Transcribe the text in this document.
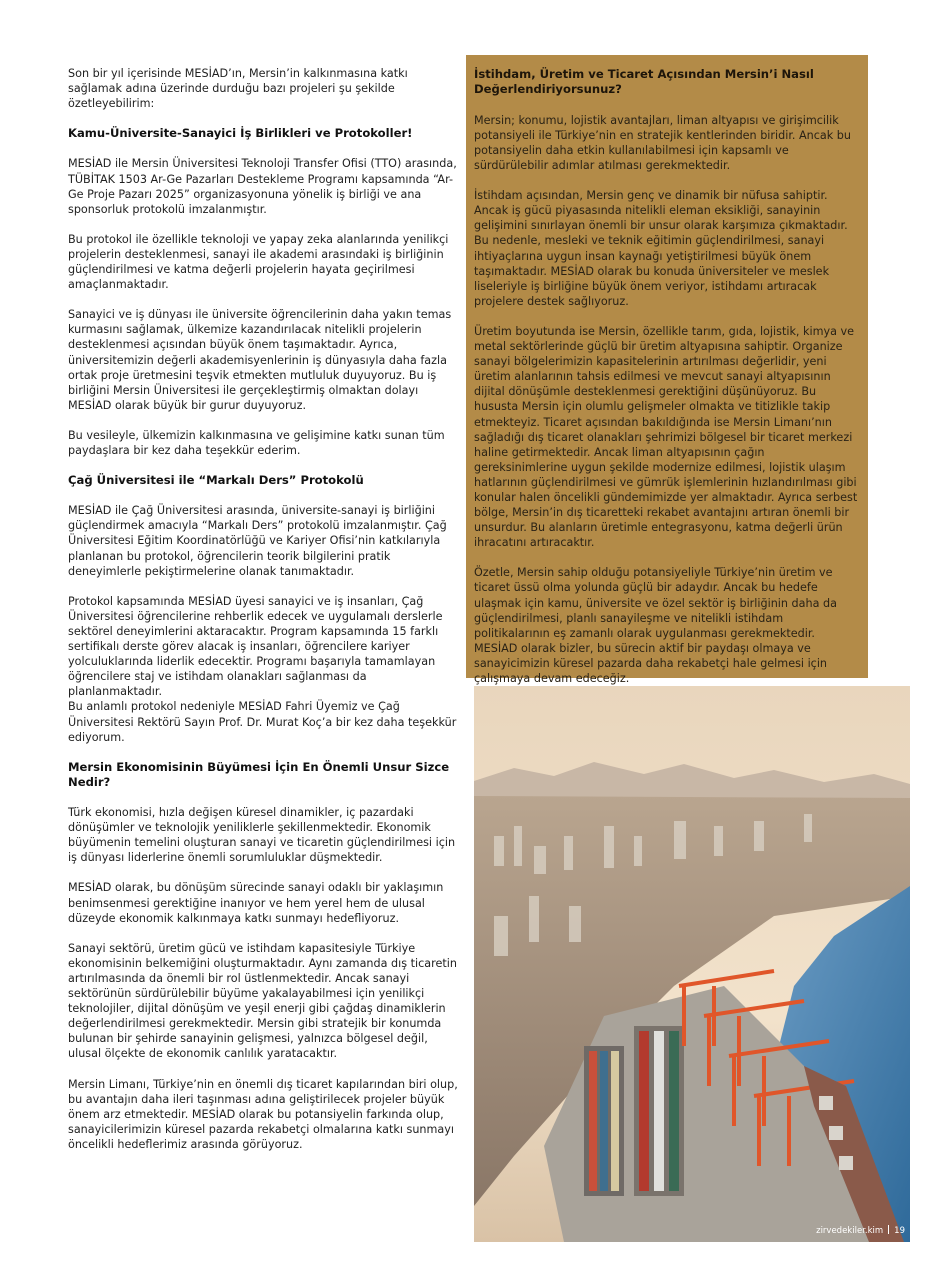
Son bir yıl içerisinde MESİAD’ın, Mersin’in kalkınmasına katkı sağlamak adına üzerinde durduğu bazı projeleri şu şekilde özetleyebilirim:

Kamu-Üniversite-Sanayici İş Birlikleri ve Protokoller!

MESİAD ile Mersin Üniversitesi Teknoloji Transfer Ofisi (TTO) arasında, TÜBİTAK 1503 Ar-Ge Pazarları Destekleme Programı kapsamında “Ar-Ge Proje Pazarı 2025” organizasyonuna yönelik iş birliği ve ana sponsorluk protokolü imzalanmıştır.

Bu protokol ile özellikle teknoloji ve yapay zeka alanlarında yenilikçi projelerin desteklenmesi, sanayi ile akademi arasındaki iş birliğinin güçlendirilmesi ve katma değerli projelerin hayata geçirilmesi amaçlanmaktadır.

Sanayici ve iş dünyası ile üniversite öğrencilerinin daha yakın temas kurmasını sağlamak, ülkemize kazandırılacak nitelikli projelerin desteklenmesi açısından büyük önem taşımaktadır. Ayrıca, üniversitemizin değerli akademisyenlerinin iş dünyasıyla daha fazla ortak proje üretmesini teşvik etmekten mutluluk duyuyoruz. Bu iş birliğini Mersin Üniversitesi ile gerçekleştirmiş olmaktan dolayı MESİAD olarak büyük bir gurur duyuyoruz.

Bu vesileyle, ülkemizin kalkınmasına ve gelişimine katkı sunan tüm paydaşlara bir kez daha teşekkür ederim.

Çağ Üniversitesi ile “Markalı Ders” Protokolü

MESİAD ile Çağ Üniversitesi arasında, üniversite-sanayi iş birliğini güçlendirmek amacıyla “Markalı Ders” protokolü imzalanmıştır. Çağ Üniversitesi Eğitim Koordinatörlüğü ve Kariyer Ofisi’nin katkılarıyla planlanan bu protokol, öğrencilerin teorik bilgilerini pratik deneyimlerle pekiştirmelerine olanak tanımaktadır.

Protokol kapsamında MESİAD üyesi sanayici ve iş insanları, Çağ Üniversitesi öğrencilerine rehberlik edecek ve uygulamalı derslerle sektörel deneyimlerini aktaracaktır. Program kapsamında 15 farklı sertifikalı derste görev alacak iş insanları, öğrencilere kariyer yolculuklarında liderlik edecektir. Programı başarıyla tamamlayan öğrencilere staj ve istihdam olanakları sağlanması da planlanmaktadır.

Bu anlamlı protokol nedeniyle MESİAD Fahri Üyemiz ve Çağ Üniversitesi Rektörü Sayın Prof. Dr. Murat Koç’a bir kez daha teşekkür ediyorum.

Mersin Ekonomisinin Büyümesi İçin En Önemli Unsur Sizce Nedir?

Türk ekonomisi, hızla değişen küresel dinamikler, iç pazardaki dönüşümler ve teknolojik yeniliklerle şekillenmektedir. Ekonomik büyümenin temelini oluşturan sanayi ve ticaretin güçlendirilmesi için iş dünyası liderlerine önemli sorumluluklar düşmektedir.

MESİAD olarak, bu dönüşüm sürecinde sanayi odaklı bir yaklaşımın benimsenmesi gerektiğine inanıyor ve hem yerel hem de ulusal düzeyde ekonomik kalkınmaya katkı sunmayı hedefliyoruz.

Sanayi sektörü, üretim gücü ve istihdam kapasitesiyle Türkiye ekonomisinin belkemiğini oluşturmaktadır. Aynı zamanda dış ticaretin artırılmasında da önemli bir rol üstlenmektedir. Ancak sanayi sektörünün sürdürülebilir büyüme yakalayabilmesi için yenilikçi teknolojiler, dijital dönüşüm ve yeşil enerji gibi çağdaş dinamiklerin değerlendirilmesi gerekmektedir. Mersin gibi stratejik bir konumda bulunan bir şehirde sanayinin gelişmesi, yalnızca bölgesel değil, ulusal ölçekte de ekonomik canlılık yaratacaktır.

Mersin Limanı, Türkiye’nin en önemli dış ticaret kapılarından biri olup, bu avantajın daha ileri taşınması adına geliştirilecek projeler büyük önem arz etmektedir. MESİAD olarak bu potansiyelin farkında olup, sanayicilerimizin küresel pazarda rekabetçi olmalarına katkı sunmayı öncelikli hedeflerimiz arasında görüyoruz.

İstihdam, Üretim ve Ticaret Açısından Mersin’i Nasıl Değerlendiriyorsunuz?

Mersin; konumu, lojistik avantajları, liman altyapısı ve girişimcilik potansiyeli ile Türkiye’nin en stratejik kentlerinden biridir. Ancak bu potansiyelin daha etkin kullanılabilmesi için kapsamlı ve sürdürülebilir adımlar atılması gerekmektedir.

İstihdam açısından, Mersin genç ve dinamik bir nüfusa sahiptir. Ancak iş gücü piyasasında nitelikli eleman eksikliği, sanayinin gelişimini sınırlayan önemli bir unsur olarak karşımıza çıkmaktadır. Bu nedenle, mesleki ve teknik eğitimin güçlendirilmesi, sanayi ihtiyaçlarına uygun insan kaynağı yetiştirilmesi büyük önem taşımaktadır. MESİAD olarak bu konuda üniversiteler ve meslek liseleriyle iş birliğine büyük önem veriyor, istihdamı artıracak projelere destek sağlıyoruz.

Üretim boyutunda ise Mersin, özellikle tarım, gıda, lojistik, kimya ve metal sektörlerinde güçlü bir üretim altyapısına sahiptir. Organize sanayi bölgelerimizin kapasitelerinin artırılması değerlidir, yeni üretim alanlarının tahsis edilmesi ve mevcut sanayi altyapısının dijital dönüşümle desteklenmesi gerektiğini düşünüyoruz. Bu hususta Mersin için olumlu gelişmeler olmakta ve titizlikle takip etmekteyiz. Ticaret açısından bakıldığında ise Mersin Limanı’nın sağladığı dış ticaret olanakları şehrimizi bölgesel bir ticaret merkezi haline getirmektedir. Ancak liman altyapısının çağın gereksinimlerine uygun şekilde modernize edilmesi, lojistik ulaşım hatlarının güçlendirilmesi ve gümrük işlemlerinin hızlandırılması gibi konular halen öncelikli gündemimizde yer almaktadır. Ayrıca serbest bölge, Mersin’in dış ticaretteki rekabet avantajını artıran önemli bir unsurdur. Bu alanların üretimle entegrasyonu, katma değerli ürün ihracatını artıracaktır.

Özetle, Mersin sahip olduğu potansiyeliyle Türkiye’nin üretim ve ticaret üssü olma yolunda güçlü bir adaydır. Ancak bu hedefe ulaşmak için kamu, üniversite ve özel sektör iş birliğinin daha da güçlendirilmesi, planlı sanayileşme ve nitelikli istihdam politikalarının eş zamanlı olarak uygulanması gerekmektedir. MESİAD olarak bizler, bu sürecin aktif bir paydaşı olmaya ve sanayicimizin küresel pazarda daha rekabetçi hale gelmesi için çalışmaya devam edeceğiz.

zirvedekiler.kim 19
